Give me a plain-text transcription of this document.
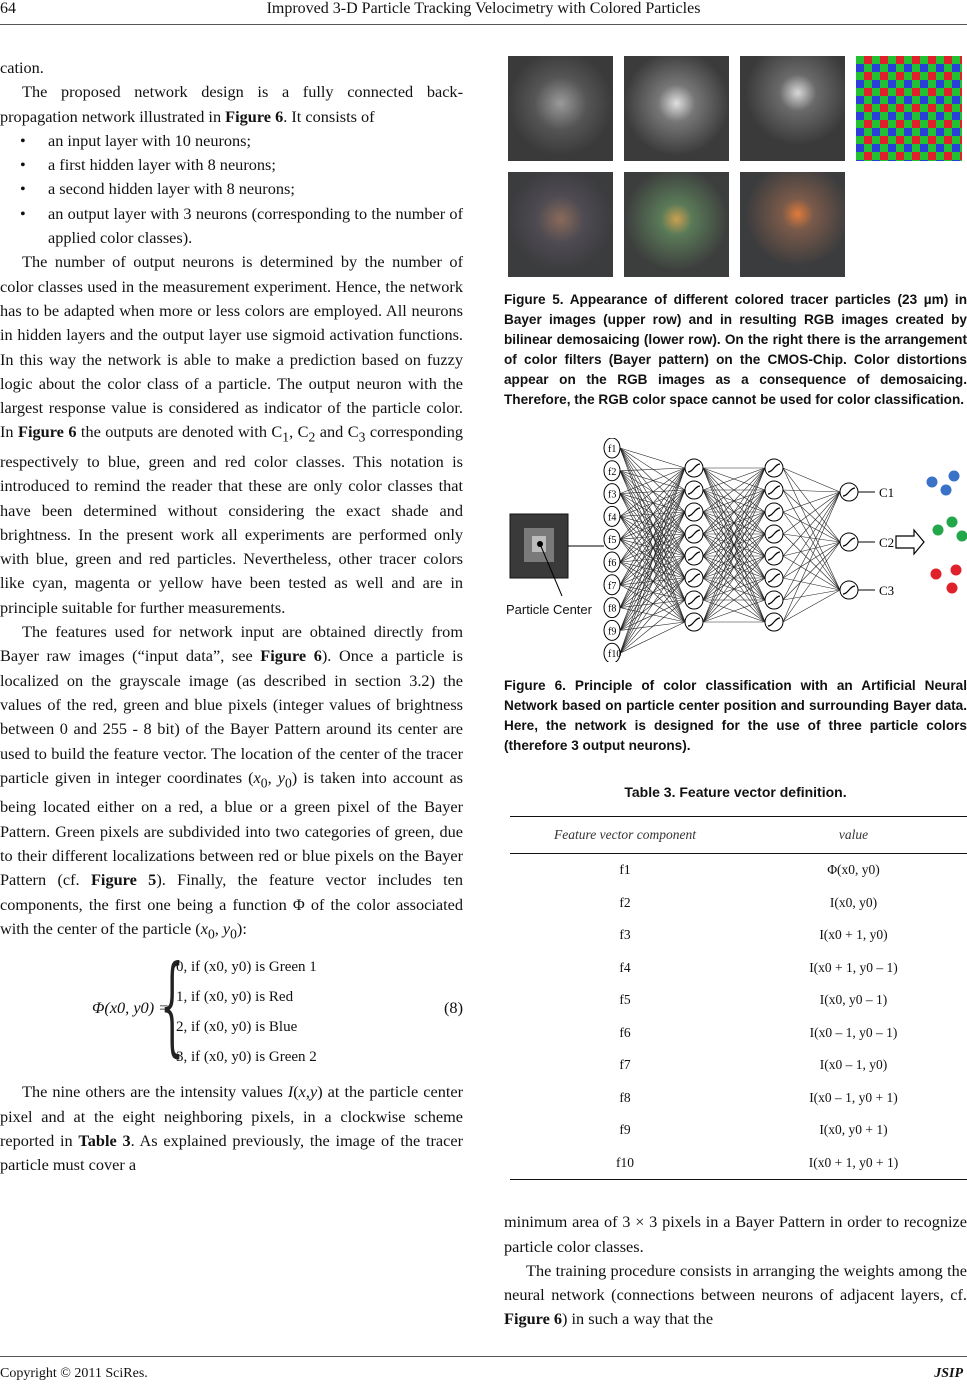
64	Improved 3-D Particle Tracking Velocimetry with Colored Particles

cation.

The proposed network design is a fully connected back-propagation network illustrated in Figure 6. It consists of

• an input layer with 10 neurons;
• a first hidden layer with 8 neurons;
• a second hidden layer with 8 neurons;
• an output layer with 3 neurons (corresponding to the number of applied color classes).

The number of output neurons is determined by the number of color classes used in the measurement experiment. Hence, the network has to be adapted when more or less colors are employed. All neurons in hidden layers and the output layer use sigmoid activation functions. In this way the network is able to make a prediction based on fuzzy logic about the color class of a particle. The output neuron with the largest response value is considered as indicator of the particle color. In Figure 6 the outputs are denoted with $C_1$, $C_2$ and $C_3$ corresponding respectively to blue, green and red color classes. This notation is introduced to remind the reader that these are only color classes that have been determined without considering the exact shade and brightness. In the present work all experiments are performed only with blue, green and red particles. Nevertheless, other tracer colors like cyan, magenta or yellow have been tested as well and are in principle suitable for further measurements.

The features used for network input are obtained directly from Bayer raw images (“input data”, see Figure 6). Once a particle is localized on the grayscale image (as described in section 3.2) the values of the red, green and blue pixels (integer values of brightness between 0 and 255 - 8 bit) of the Bayer Pattern around its center are used to build the feature vector. The location of the center of the tracer particle given in integer coordinates ($x_0$, $y_0$) is taken into account as being located either on a red, a blue or a green pixel of the Bayer Pattern. Green pixels are subdivided into two categories of green, due to their different localizations between red or blue pixels on the Bayer Pattern (cf. Figure 5). Finally, the feature vector includes ten components, the first one being a function Φ of the color associated with the center of the particle ($x_0$, $y_0$):

Φ(x0, y0) =
{
0, if (x0, y0) is Green 1
1, if (x0, y0) is Red
2, if (x0, y0) is Blue
3, if (x0, y0) is Green 2
(8)

The nine others are the intensity values I(x,y) at the particle center pixel and at the eight neighboring pixels, in a clockwise scheme reported in Table 3. As explained previously, the image of the tracer particle must cover a

Figure 5. Appearance of different colored tracer particles (23 µm) in Bayer images (upper row) and in resulting RGB images created by bilinear demosaicing (lower row). On the right there is the arrangement of color filters (Bayer pattern) on the CMOS-Chip. Color distortions appear on the RGB images as a consequence of demosaicing. Therefore, the RGB color space cannot be used for color classification.
f1
f2
f3
f4
f5
f6
f7
f8
f9
f10
C1
C2
C3
Particle Center
Figure 6. Principle of color classification with an Artificial Neural Network based on particle center position and surrounding Bayer data. Here, the network is designed for the use of three particle colors (therefore 3 output neurons).
Table 3. Feature vector definition.
Feature vector component	value
f1	Φ(x0, y0)
f2	I(x0, y0)
f3	I(x0 + 1, y0)
f4	I(x0 + 1, y0 – 1)
f5	I(x0, y0 – 1)
f6	I(x0 – 1, y0 – 1)
f7	I(x0 – 1, y0)
f8	I(x0 – 1, y0 + 1)
f9	I(x0, y0 + 1)
f10	I(x0 + 1, y0 + 1)

minimum area of 3 × 3 pixels in a Bayer Pattern in order to recognize particle color classes.

The training procedure consists in arranging the weights among the neural network (connections between neurons of adjacent layers, cf. Figure 6) in such a way that the

Copyright © 2011 SciRes.	JSIP
